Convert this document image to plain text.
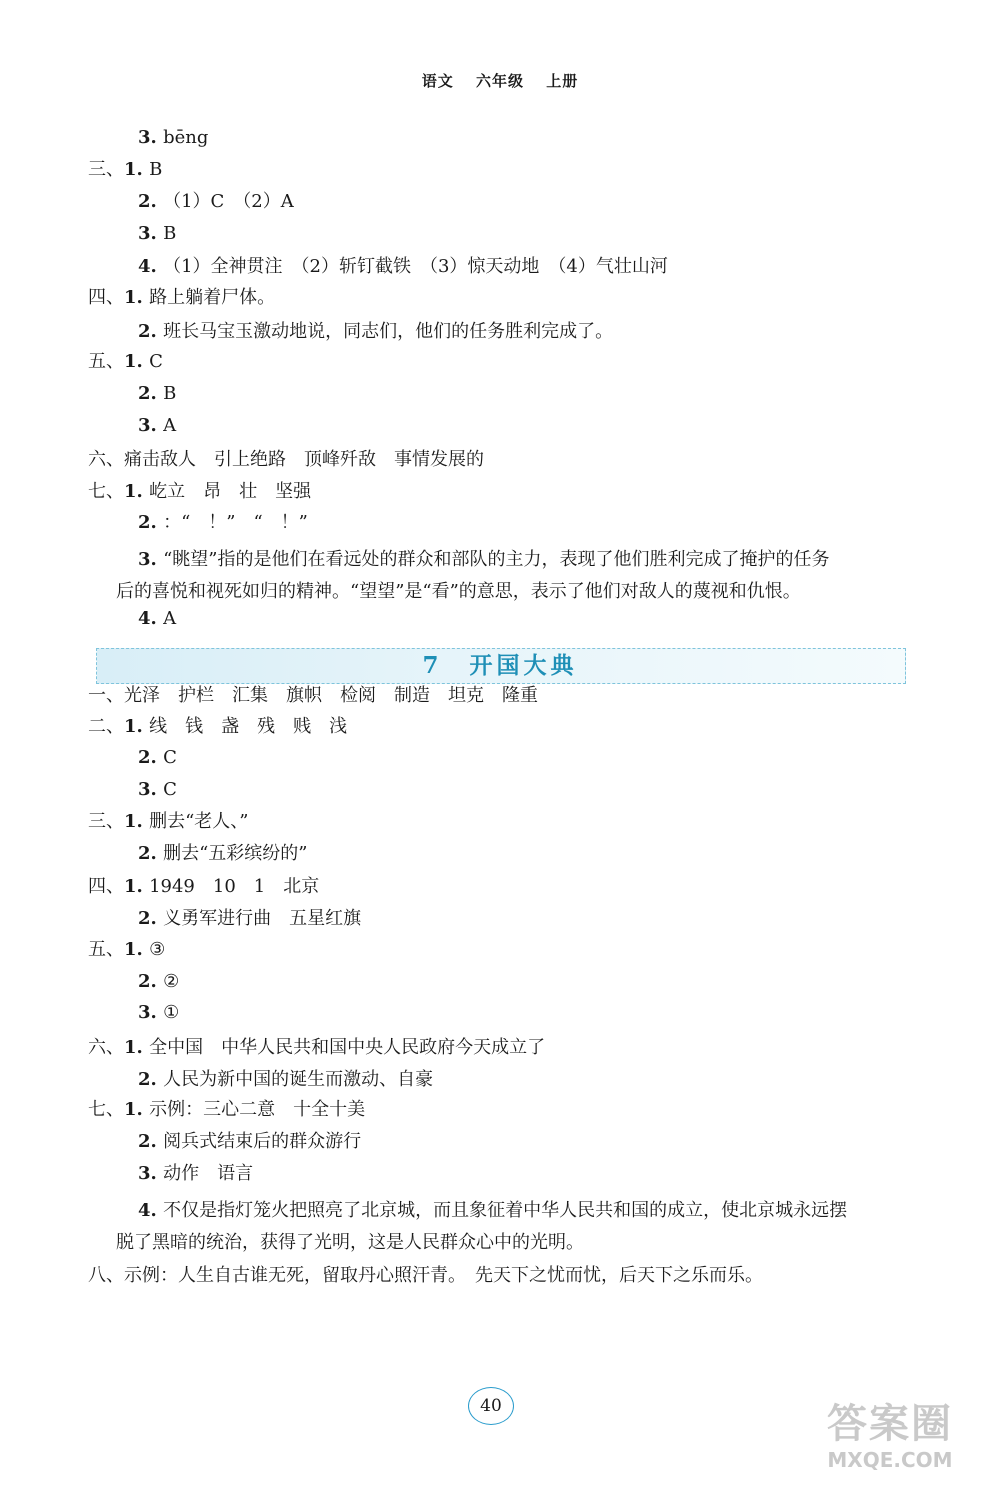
语文 六年级 上册
3. bēng
三、1. B
2. （1）C　（2）A
3. B
4. （1）全神贯注　（2）斩钉截铁　（3）惊天动地　（4）气壮山河
四、1. 路上躺着尸体。
2. 班长马宝玉激动地说，同志们，他们的任务胜利完成了。
五、1. C
2. B
3. A
六、痛击敌人　引上绝路　顶峰歼敌　事情发展的
七、1. 屹立　昂　壮　坚强
2. ：“　！”　“　！”
3. “眺望”指的是他们在看远处的群众和部队的主力，表现了他们胜利完成了掩护的任务
后的喜悦和视死如归的精神。“望望”是“看”的意思，表示了他们对敌人的蔑视和仇恨。
4. A
一、光泽　护栏　汇集　旗帜　检阅　制造　坦克　隆重
二、1. 线　钱　盏　残　贱　浅
2. C
3. C
三、1. 删去“老人、”
2. 删去“五彩缤纷的”
四、1. 1949　10　1　北京
2. 义勇军进行曲　五星红旗
五、1. ③
2. ②
3. ①
六、1. 全中国　中华人民共和国中央人民政府今天成立了
2. 人民为新中国的诞生而激动、自豪
七、1. 示例：三心二意　十全十美
2. 阅兵式结束后的群众游行
3. 动作　语言
4. 不仅是指灯笼火把照亮了北京城，而且象征着中华人民共和国的成立，使北京城永远摆
脱了黑暗的统治，获得了光明，这是人民群众心中的光明。
八、示例：人生自古谁无死，留取丹心照汗青。　先天下之忧而忧，后天下之乐而乐。
7　开国大典
40	答案圈
MXQE.COM
